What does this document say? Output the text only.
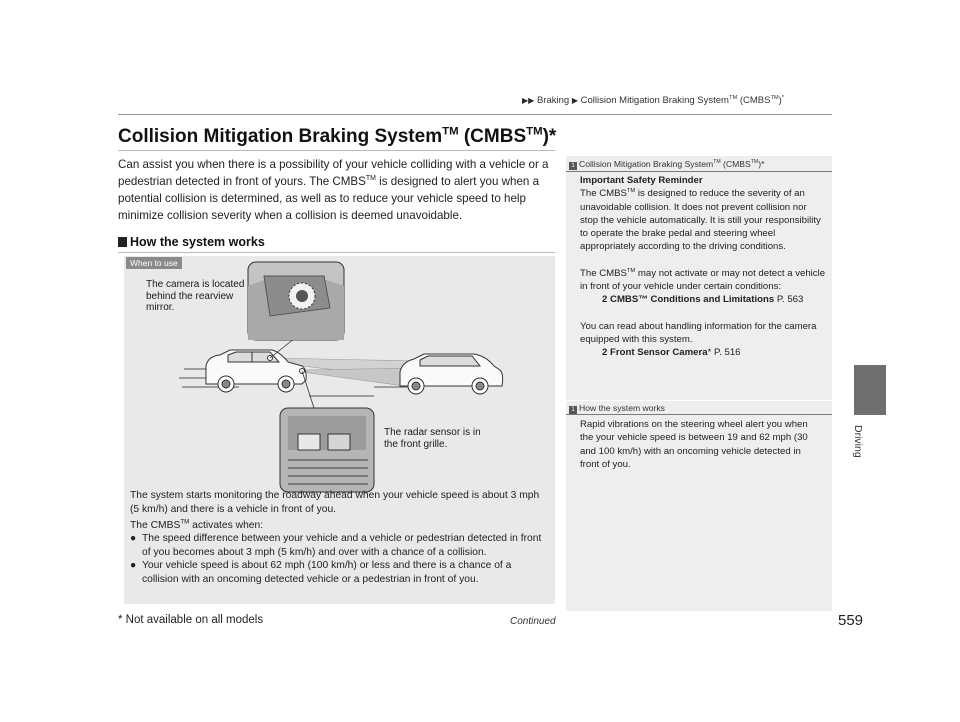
▶▶ Braking ▶ Collision Mitigation Braking System™ (CMBS™)*
Driving
Collision Mitigation Braking System™ (CMBS™)*
Can assist you when there is a possibility of your vehicle colliding with a vehicle or a pedestrian detected in front of yours. The CMBS™ is designed to alert you when a potential collision is determined, as well as to reduce your vehicle speed to help minimize collision severity when a collision is deemed unavoidable.
How the system works
When to use
The camera is located behind the rearview mirror.
The radar sensor is in the front grille.
The system starts monitoring the roadway ahead when your vehicle speed is about 3 mph (5 km/h) and there is a vehicle in front of you.
The CMBS™ activates when:
● The speed difference between your vehicle and a vehicle or pedestrian detected in front of you becomes about 3 mph (5 km/h) and over with a chance of a collision.
● Your vehicle speed is about 62 mph (100 km/h) or less and there is a chance of a collision with an oncoming detected vehicle or a pedestrian in front of you.
1 Collision Mitigation Braking System™ (CMBS™)*
Important Safety Reminder
The CMBS™ is designed to reduce the severity of an unavoidable collision. It does not prevent collision nor stop the vehicle automatically. It is still your responsibility to operate the brake pedal and steering wheel appropriately according to the driving conditions.
The CMBS™ may not activate or may not detect a vehicle in front of your vehicle under certain conditions:
2 CMBS™ Conditions and Limitations P. 563
You can read about handling information for the camera equipped with this system.
2 Front Sensor Camera* P. 516
1 How the system works
Rapid vibrations on the steering wheel alert you when the your vehicle speed is between 19 and 62 mph (30 and 100 km/h) with an oncoming vehicle detected in front of you.
Continued	559
* Not available on all models
